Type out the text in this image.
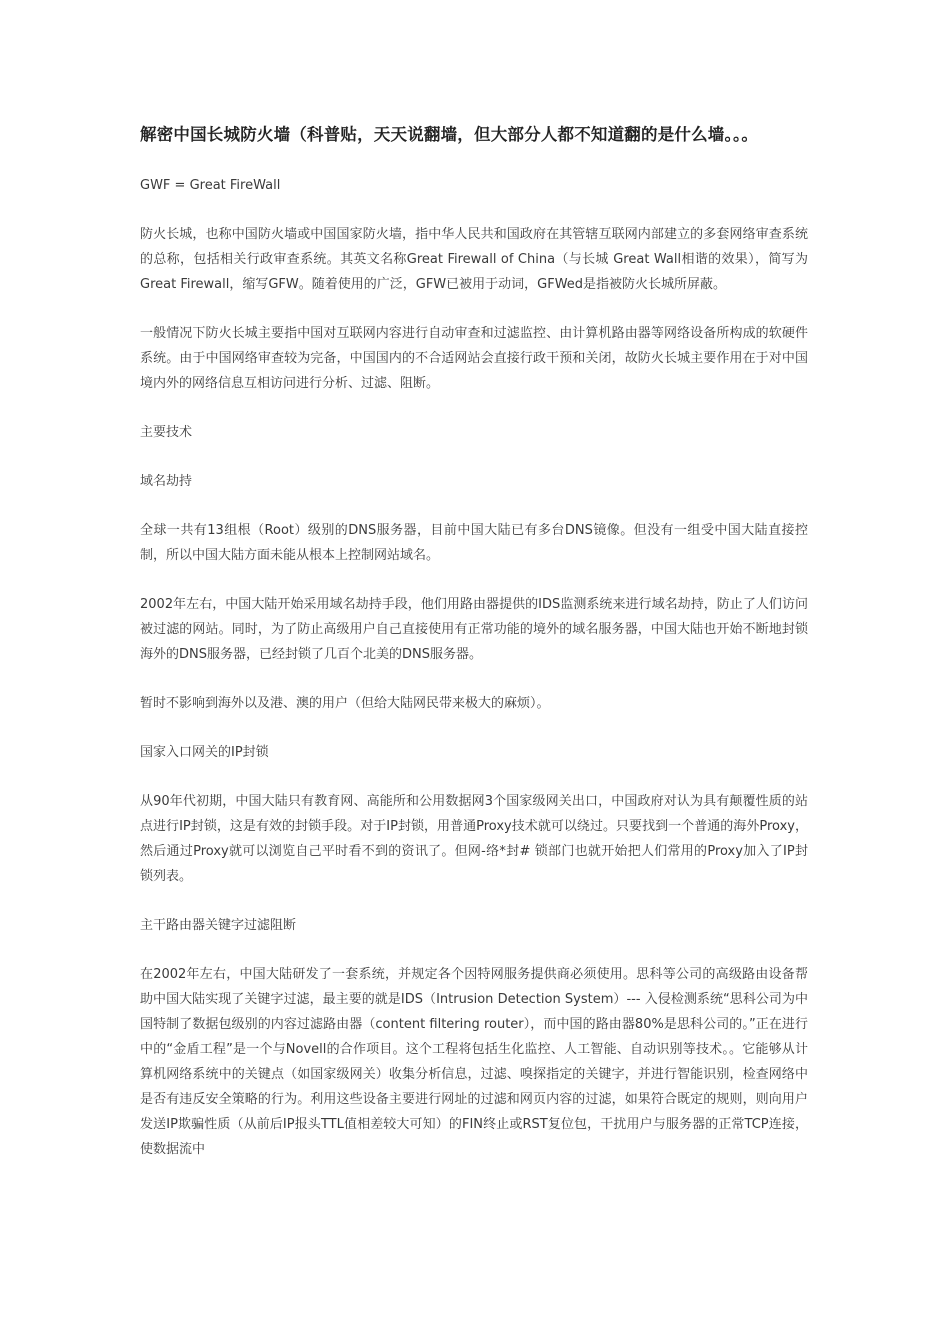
解密中国长城防火墙（科普贴，天天说翻墙，但大部分人都不知道翻的是什么墙。。。
GWF = Great FireWall
防火长城，也称中国防火墙或中国国家防火墙，指中华人民共和国政府在其管辖互联网内部建立的多套网络审查系统的总称，包括相关行政审查系统。其英文名称Great Firewall of China（与长城 Great Wall相谐的效果），简写为Great Firewall，缩写GFW。随着使用的广泛，GFW已被用于动词，GFWed是指被防火长城所屏蔽。
一般情况下防火长城主要指中国对互联网内容进行自动审查和过滤监控、由计算机路由器等网络设备所构成的软硬件系统。由于中国网络审查较为完备，中国国内的不合适网站会直接行政干预和关闭，故防火长城主要作用在于对中国境内外的网络信息互相访问进行分析、过滤、阻断。
主要技术
域名劫持
全球一共有13组根（Root）级别的DNS服务器，目前中国大陆已有多台DNS镜像。但没有一组受中国大陆直接控制，所以中国大陆方面未能从根本上控制网站域名。
2002年左右，中国大陆开始采用域名劫持手段，他们用路由器提供的IDS监测系统来进行域名劫持，防止了人们访问被过滤的网站。同时，为了防止高级用户自己直接使用有正常功能的境外的域名服务器，中国大陆也开始不断地封锁海外的DNS服务器，已经封锁了几百个北美的DNS服务器。
暂时不影响到海外以及港、澳的用户（但给大陆网民带来极大的麻烦）。
国家入口网关的IP封锁
从90年代初期，中国大陆只有教育网、高能所和公用数据网3个国家级网关出口，中国政府对认为具有颠覆性质的站点进行IP封锁，这是有效的封锁手段。对于IP封锁，用普通Proxy技术就可以绕过。只要找到一个普通的海外Proxy，然后通过Proxy就可以浏览自己平时看不到的资讯了。但网-络*封# 锁部门也就开始把人们常用的Proxy加入了IP封锁列表。
主干路由器关键字过滤阻断
在2002年左右，中国大陆研发了一套系统，并规定各个因特网服务提供商必须使用。思科等公司的高级路由设备帮助中国大陆实现了关键字过滤，最主要的就是IDS（Intrusion Detection System）--- 入侵检测系统“思科公司为中国特制了数据包级别的内容过滤路由器（content filtering router），而中国的路由器80%是思科公司的。”正在进行中的“金盾工程”是一个与Novell的合作项目。这个工程将包括生化监控、人工智能、自动识别等技术。。它能够从计算机网络系统中的关键点（如国家级网关）收集分析信息，过滤、嗅探指定的关键字，并进行智能识别，检查网络中是否有违反安全策略的行为。利用这些设备主要进行网址的过滤和网页内容的过滤，如果符合既定的规则，则向用户发送IP欺骗性质（从前后IP报头TTL值相差较大可知）的FIN终止或RST复位包，干扰用户与服务器的正常TCP连接，使数据流中
